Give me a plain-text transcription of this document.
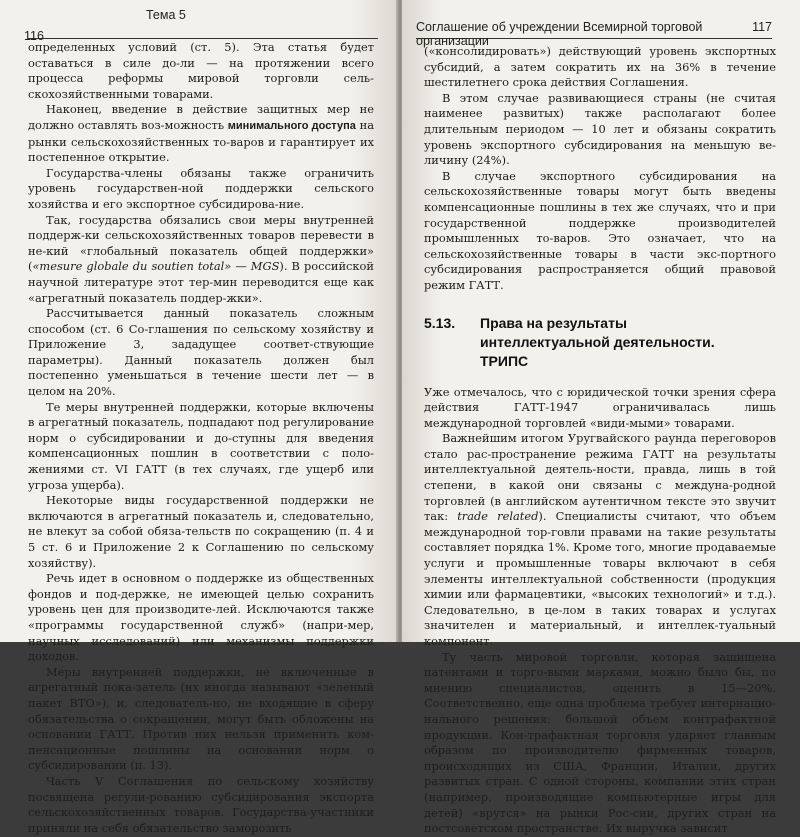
116
Тема 5

определенных условий (ст. 5). Эта статья будет оставаться в силе до-ли — на протяжении всего процесса реформы мировой торговли сель-скохозяйственными товарами.

Наконец, введение в действие защитных мер не должно оставлять воз-можность минимального доступа на рынки сельскохозяйственных то-варов и гарантирует их постепенное открытие.

Государства-члены обязаны также ограничить уровень государствен-ной поддержки сельского хозяйства и его экспортное субсидирова-ние.

Так, государства обязались свои меры внутренней поддерж-ки сельскохозяйственных товаров перевести в не-кий «глобальный показатель общей поддержки» («mesure globale du soutien total» — MGS). В российской научной литературе этот тер-мин переводится еще как «агрегатный показатель поддер-жки».

Рассчитывается данный показатель сложным способом (ст. 6 Со-глашения по сельскому хозяйству и Приложение 3, зададущее соответ-ствующие параметры). Данный показатель должен был постепенно уменьшаться в течение шести лет — в целом на 20%.

Те меры внутренней поддержки, которые включены в агрегатный показатель, подпадают под регулирование норм о субсидировании и до-ступны для введения компенсационных пошлин в соответствии с поло-жениями ст. VI ГАТТ (в тех случаях, где ущерб или угроза ущерба).

Некоторые виды государственной поддержки не включаются в агрегатный показатель и, следовательно, не влекут за собой обяза-тельств по сокращению (п. 4 и 5 ст. 6 и Приложение 2 к Соглашению по сельскому хозяйству).

Речь идет в основном о поддержке из общественных фондов и под-держке, не имеющей целью сохранить уровень цен для производите-лей. Исключаются также «программы государственной служб» (напри-мер, научных исследований) или механизмы поддержки доходов.

Меры внутренней поддержки, не включенные в агрегатный пока-затель (их иногда называют «зеленый пакет ВТО»), и, следователь-но, не входящие в сферу обязательства о сокращении, могут быть обложены на основании ГАТТ. Против них нельзя применить ком-пенсационные пошлины на основании норм о субсидировании (п. 13).

Часть V Соглашения по сельскому хозяйству посвящена регули-рованию субсидирования экспорта сельскохозяйственных товаров. Государства-участники приняли на себя обязательство заморозить

Соглашение об учреждении Всемирной торговой организации
117

(«консолидировать») действующий уровень экспортных субсидий, а затем сократить их на 36% в течение шестилетнего срока действия Соглашения.

В этом случае развивающиеся страны (не считая наименее развитых) также располагают более длительным периодом — 10 лет и обязаны сократить уровень экспортного субсидирования на меньшую ве-личину (24%).

В случае экспортного субсидирования на сельскохозяйственные товары могут быть введены компенсационные пошлины в тех же случаях, что и при государственной поддержке производителей промышленных то-варов. Это означает, что на сельскохозяйственные товары в части экс-портного субсидирования распространяется общий правовой режим ГАТТ.

5.13. Права на результаты
интеллектуальной деятельности.
ТРИПС

Уже отмечалось, что с юридической точки зрения сфера действия ГАТТ-1947 ограничивалась лишь международной торговлей «види-мыми» товарами.

Важнейшим итогом Уругвайского раунда переговоров стало рас-пространение режима ГАТТ на результаты интеллектуальной деятель-ности, правда, лишь в той степени, в какой они связаны с междуна-родной торговлей (в английском аутентичном тексте это звучит так: trade related). Специалисты считают, что объем международной тор-говли правами на такие результаты составляет порядка 1%. Кроме того, многие продаваемые услуги и промышленные товары включают в себя элементы интеллектуальной собственности (продукция химии или фармацевтики, «высоких технологий» и т.д.). Следовательно, в це-лом в таких товарах и услугах значителен и материальный, и интеллек-туальный компонент.

Ту часть мировой торговли, которая защищена патентами и торго-выми марками, можно было бы, по мнению специалистов, оценить в 15—20%. Соответственно, еще одна проблема требует интернацио-нального решения: большой объем контрафактной продукции. Кон-трафактная торговля ударяет главным образом по производителю фирменных товаров, происходящих из США, Франции, Италии, других развитых стран. С одной стороны, компании этих стран (например, производящие компьютерные игры для детей) «врутся» на рынки Рос-сии, других стран на постсоветском пространстве. Их выручка зависит
